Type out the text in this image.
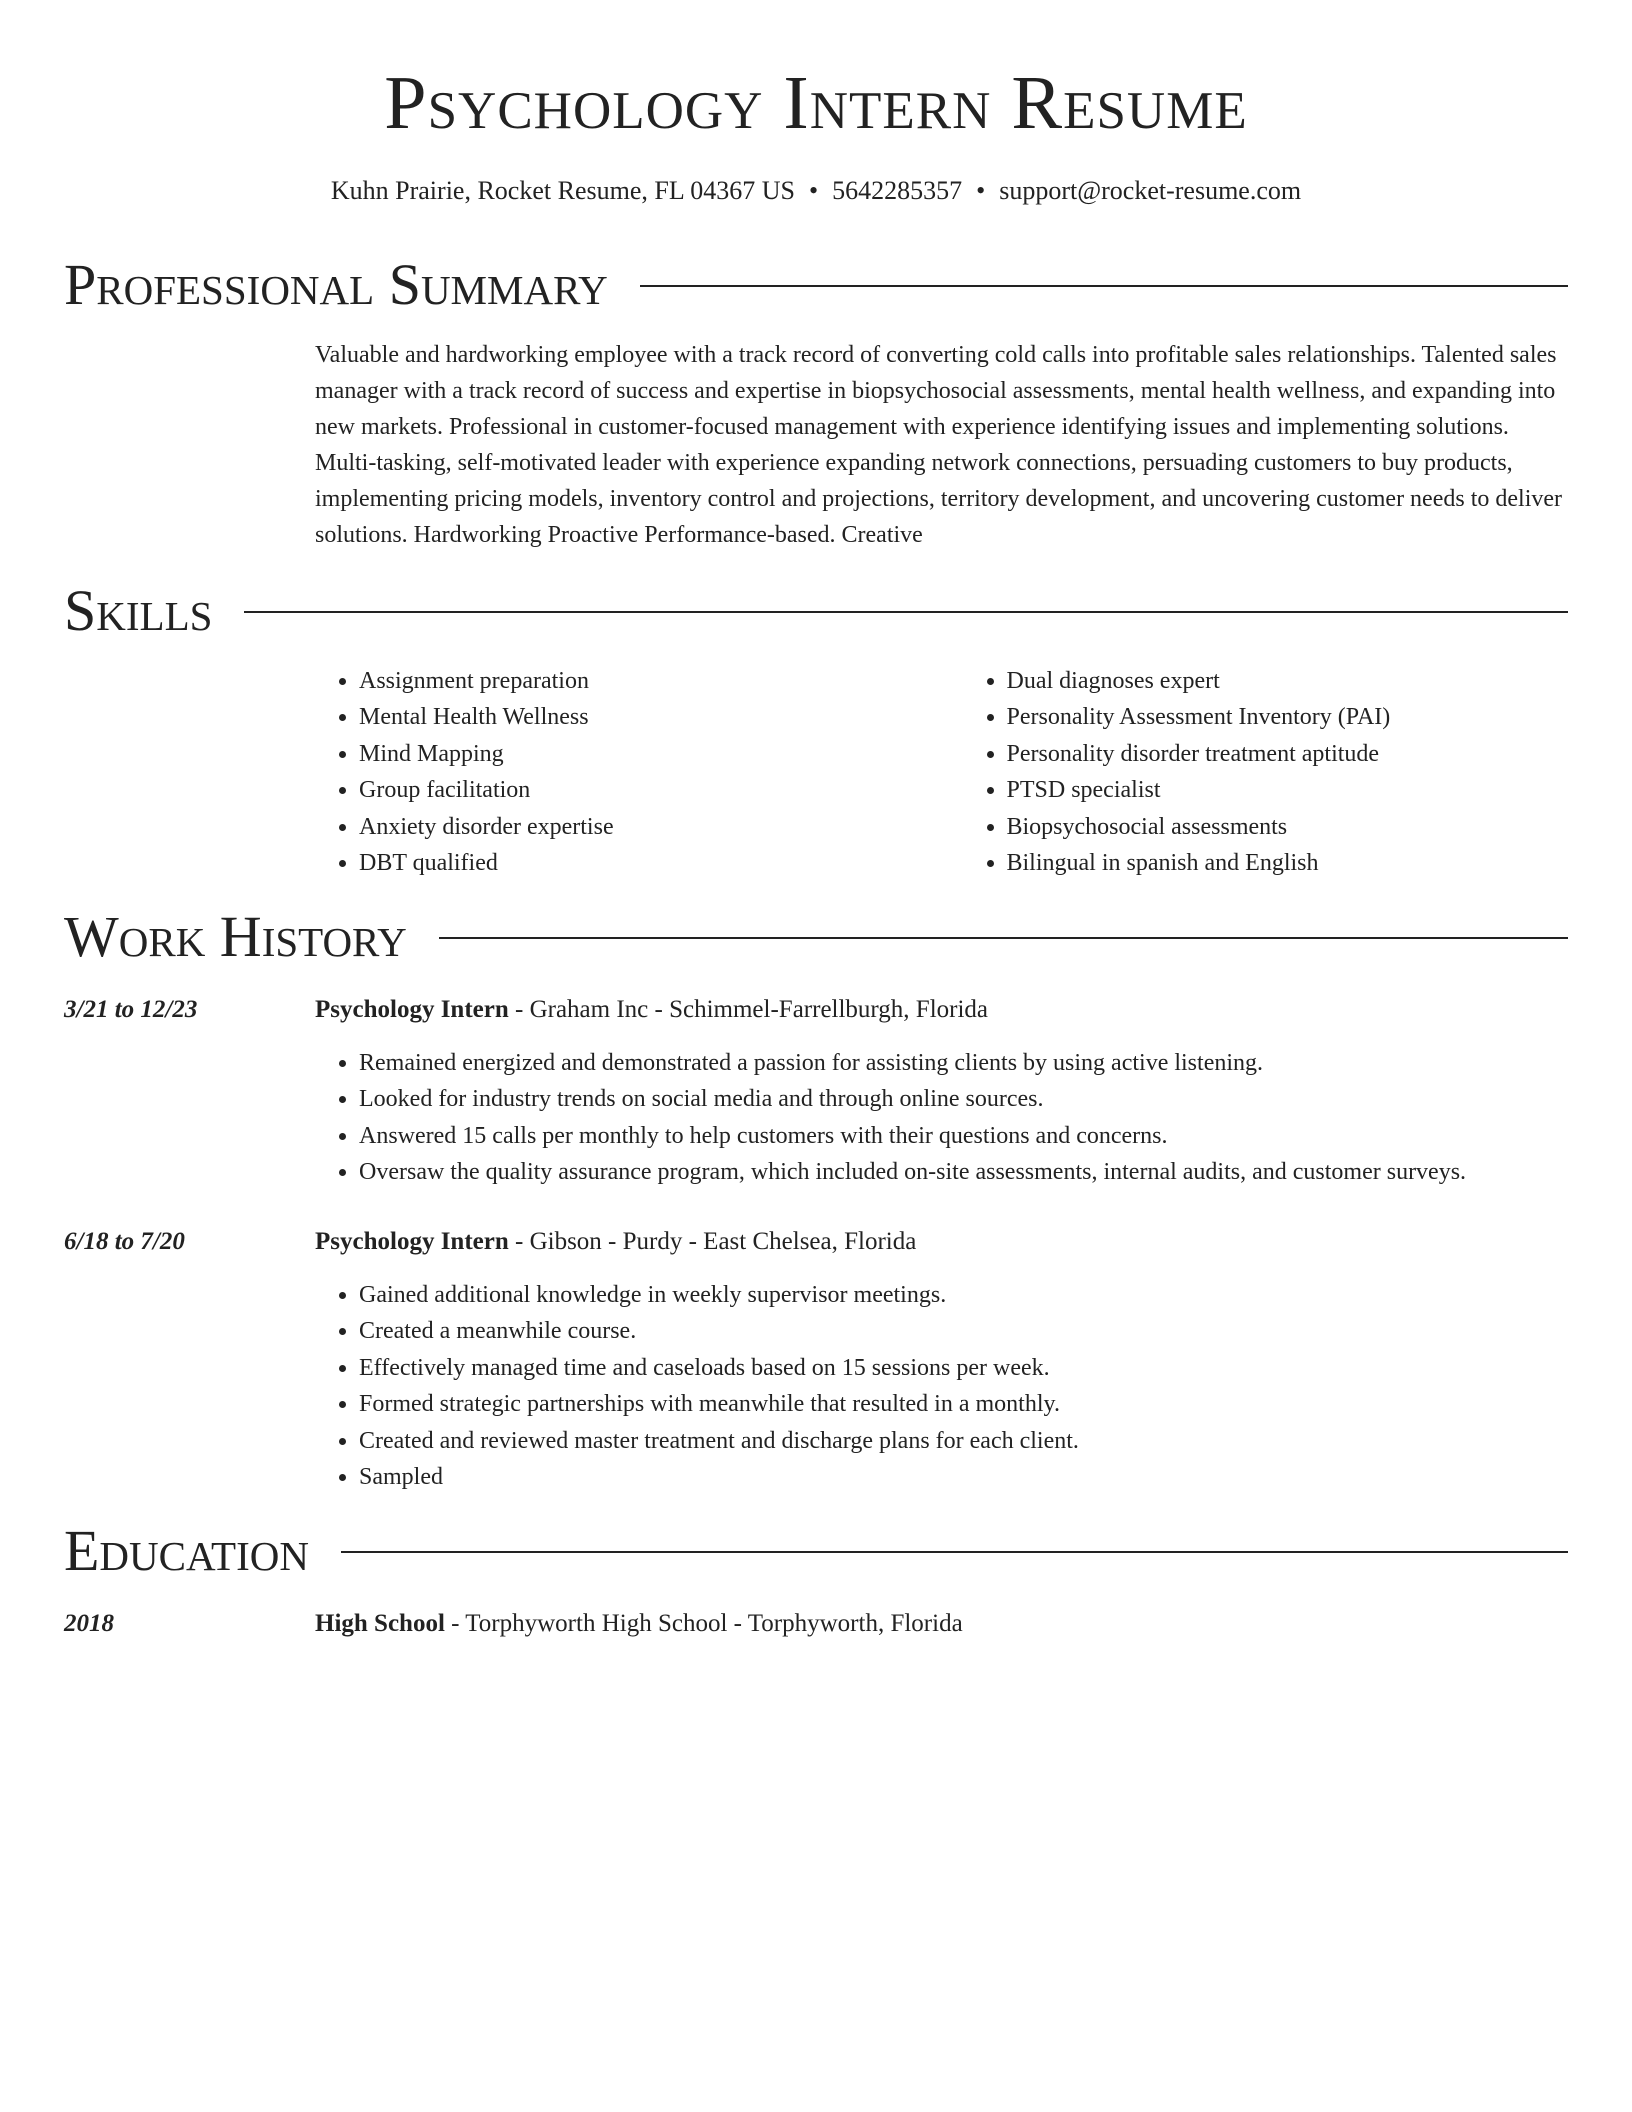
Psychology Intern Resume
Kuhn Prairie, Rocket Resume, FL 04367 US • 5642285357 • support@rocket-resume.com
Professional Summary

Valuable and hardworking employee with a track record of converting cold calls into profitable sales relationships. Talented sales manager with a track record of success and expertise in biopsychosocial assessments, mental health wellness, and expanding into new markets. Professional in customer-focused management with experience identifying issues and implementing solutions. Multi-tasking, self-motivated leader with experience expanding network connections, persuading customers to buy products, implementing pricing models, inventory control and projections, territory development, and uncovering customer needs to deliver solutions. Hardworking Proactive Performance-based. Creative

Skills
• Assignment preparation
• Mental Health Wellness
• Mind Mapping
• Group facilitation
• Anxiety disorder expertise
• DBT qualified
• Dual diagnoses expert
• Personality Assessment Inventory (PAI)
• Personality disorder treatment aptitude
• PTSD specialist
• Biopsychosocial assessments
• Bilingual in spanish and English
Work History
3/21 to 12/23	Psychology Intern - Graham Inc - Schimmel-Farrellburgh, Florida
• Remained energized and demonstrated a passion for assisting clients by using active listening.
• Looked for industry trends on social media and through online sources.
• Answered 15 calls per monthly to help customers with their questions and concerns.
• Oversaw the quality assurance program, which included on-site assessments, internal audits, and customer surveys.
6/18 to 7/20	Psychology Intern - Gibson - Purdy - East Chelsea, Florida
• Gained additional knowledge in weekly supervisor meetings.
• Created a meanwhile course.
• Effectively managed time and caseloads based on 15 sessions per week.
• Formed strategic partnerships with meanwhile that resulted in a monthly.
• Created and reviewed master treatment and discharge plans for each client.
• Sampled
Education
2018	High School - Torphyworth High School - Torphyworth, Florida
